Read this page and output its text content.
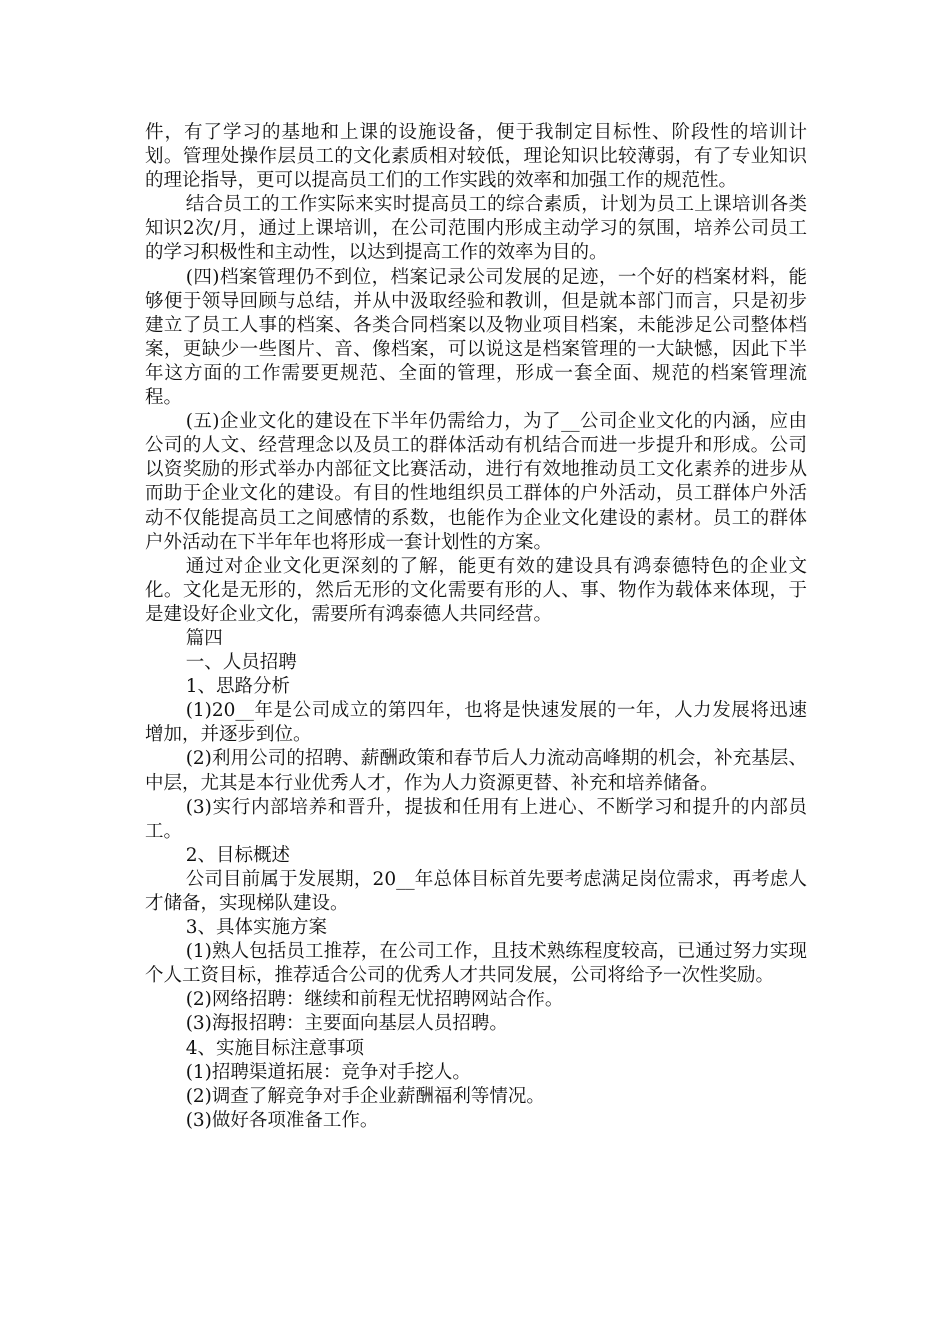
件，有了学习的基地和上课的设施设备，便于我制定目标性、阶段性的培训计划。管理处操作层员工的文化素质相对较低，理论知识比较薄弱，有了专业知识的理论指导，更可以提高员工们的工作实践的效率和加强工作的规范性。

结合员工的工作实际来实时提高员工的综合素质，计划为员工上课培训各类知识2次/月，通过上课培训，在公司范围内形成主动学习的氛围，培养公司员工的学习积极性和主动性，以达到提高工作的效率为目的。

(四)档案管理仍不到位，档案记录公司发展的足迹，一个好的档案材料，能够便于领导回顾与总结，并从中汲取经验和教训，但是就本部门而言，只是初步建立了员工人事的档案、各类合同档案以及物业项目档案，未能涉足公司整体档案，更缺少一些图片、音、像档案，可以说这是档案管理的一大缺憾，因此下半年这方面的工作需要更规范、全面的管理，形成一套全面、规范的档案管理流程。

(五)企业文化的建设在下半年仍需给力，为了__公司企业文化的内涵，应由公司的人文、经营理念以及员工的群体活动有机结合而进一步提升和形成。公司以资奖励的形式举办内部征文比赛活动，进行有效地推动员工文化素养的进步从而助于企业文化的建设。有目的性地组织员工群体的户外活动，员工群体户外活动不仅能提高员工之间感情的系数，也能作为企业文化建设的素材。员工的群体户外活动在下半年年也将形成一套计划性的方案。

通过对企业文化更深刻的了解，能更有效的建设具有鸿泰德特色的企业文化。文化是无形的，然后无形的文化需要有形的人、事、物作为载体来体现，于是建设好企业文化，需要所有鸿泰德人共同经营。

篇四

一、人员招聘

1、思路分析

(1)20__年是公司成立的第四年，也将是快速发展的一年，人力发展将迅速增加，并逐步到位。

(2)利用公司的招聘、薪酬政策和春节后人力流动高峰期的机会，补充基层、中层，尤其是本行业优秀人才，作为人力资源更替、补充和培养储备。

(3)实行内部培养和晋升，提拔和任用有上进心、不断学习和提升的内部员工。

2、目标概述

公司目前属于发展期，20__年总体目标首先要考虑满足岗位需求，再考虑人才储备，实现梯队建设。

3、具体实施方案

(1)熟人包括员工推荐，在公司工作，且技术熟练程度较高，已通过努力实现个人工资目标，推荐适合公司的优秀人才共同发展，公司将给予一次性奖励。

(2)网络招聘：继续和前程无忧招聘网站合作。

(3)海报招聘：主要面向基层人员招聘。

4、实施目标注意事项

(1)招聘渠道拓展：竞争对手挖人。

(2)调查了解竞争对手企业薪酬福利等情况。

(3)做好各项准备工作。
